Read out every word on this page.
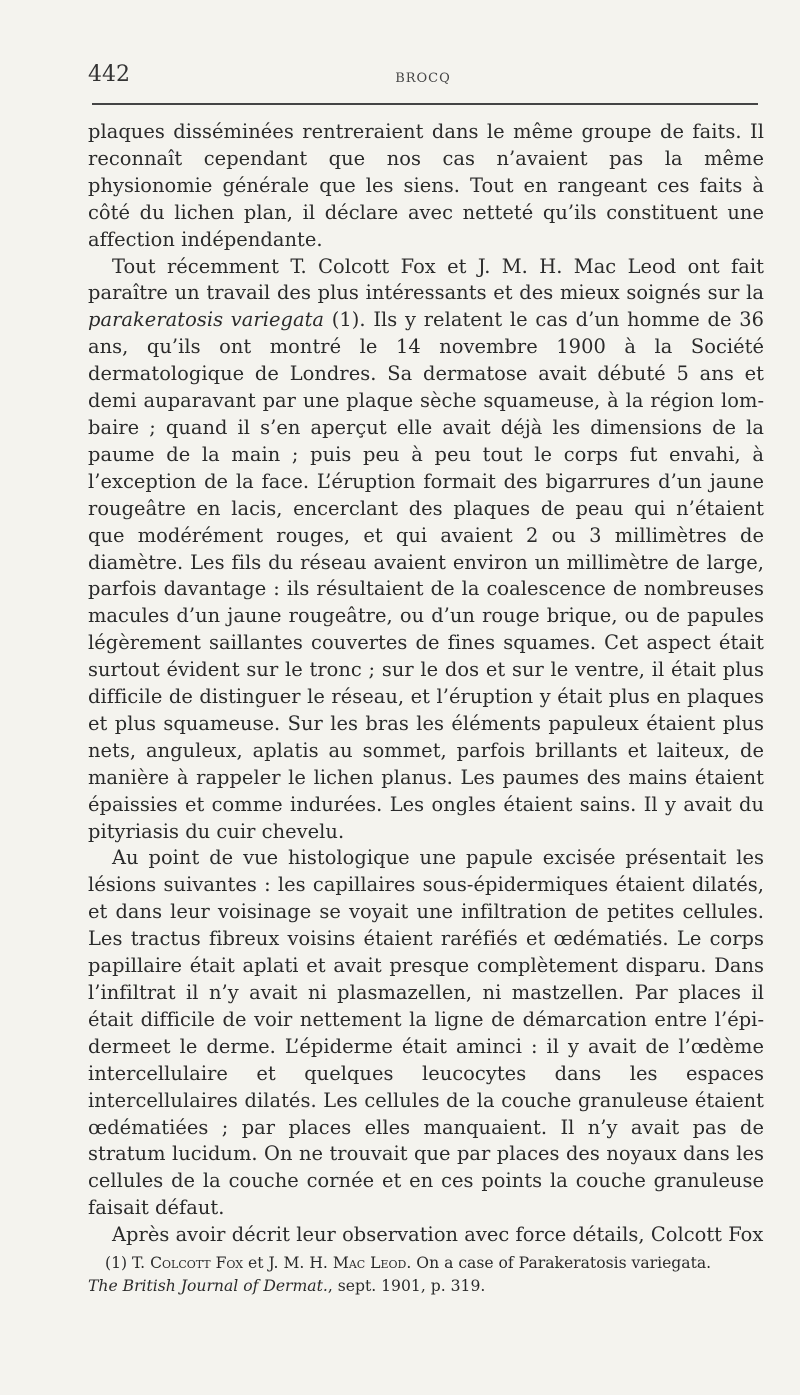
442	BROCQ

plaques disséminées rentreraient dans le même groupe de faits. Il reconnaît cependant que nos cas n’avaient pas la même physionomie générale que les siens. Tout en rangeant ces faits à côté du lichen plan, il déclare avec netteté qu’ils constituent une affection indépendante.

Tout récemment T. Colcott Fox et J. M. H. Mac Leod ont fait paraître un travail des plus intéressants et des mieux soignés sur la parakeratosis variegata (1). Ils y relatent le cas d’un homme de 36 ans, qu’ils ont montré le 14 novembre 1900 à la Société dermatologique de Londres. Sa dermatose avait débuté 5 ans et demi auparavant par une plaque sèche squameuse, à la région lombaire ; quand il s’en aperçut elle avait déjà les dimensions de la paume de la main ; puis peu à peu tout le corps fut envahi, à l’exception de la face. L’éruption formait des bigarrures d’un jaune rougeâtre en lacis, encerclant des plaques de peau qui n’étaient que modérément rouges, et qui avaient 2 ou 3 millimètres de diamètre. Les fils du réseau avaient environ un millimètre de large, parfois davantage : ils résultaient de la coalescence de nombreuses macules d’un jaune rougeâtre, ou d’un rouge brique, ou de papules légèrement saillantes couvertes de fines squames. Cet aspect était surtout évident sur le tronc ; sur le dos et sur le ventre, il était plus difficile de distinguer le réseau, et l’éruption y était plus en plaques et plus squameuse. Sur les bras les éléments papuleux étaient plus nets, anguleux, aplatis au sommet, parfois brillants et laiteux, de manière à rappeler le lichen planus. Les paumes des mains étaient épaissies et comme indurées. Les ongles étaient sains. Il y avait du pityriasis du cuir chevelu.

Au point de vue histologique une papule excisée présentait les lésions suivantes : les capillaires sous-épidermiques étaient dilatés, et dans leur voisinage se voyait une infiltration de petites cellules. Les tractus fibreux voisins étaient raréfiés et œdématiés. Le corps papillaire était aplati et avait presque complètement disparu. Dans l’infiltrat il n’y avait ni plasmazellen, ni mastzellen. Par places il était difficile de voir nettement la ligne de démarcation entre l’épidermeet le derme. L’épiderme était aminci : il y avait de l’œdème intercellulaire et quelques leucocytes dans les espaces intercellulaires dilatés. Les cellules de la couche granuleuse étaient œdématiées ; par places elles manquaient. Il n’y avait pas de stratum lucidum. On ne trouvait que par places des noyaux dans les cellules de la couche cornée et en ces points la couche granuleuse faisait défaut.

Après avoir décrit leur observation avec force détails, Colcott Fox

(1) T. Colcott Fox et J. M. H. Mac Leod. On a case of Parakeratosis variegata.

The British Journal of Dermat., sept. 1901, p. 319.
